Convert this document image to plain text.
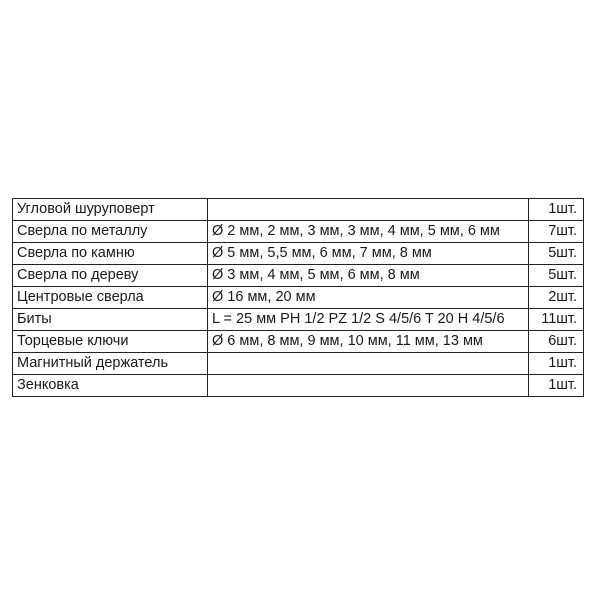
Угловой шуруповерт		1шт.
Сверла по металлу	Ø 2 мм, 2 мм, 3 мм, 3 мм, 4 мм, 5 мм, 6 мм	7шт.
Сверла по камню	Ø 5 мм, 5,5 мм, 6 мм, 7 мм, 8 мм	5шт.
Сверла по дереву	Ø 3 мм, 4 мм, 5 мм, 6 мм, 8 мм	5шт.
Центровые сверла	Ø 16 мм, 20 мм	2шт.
Биты	L = 25 мм PH 1/2 PZ 1/2 S 4/5/6 T 20 H 4/5/6	11шт.
Торцевые ключи	Ø 6 мм, 8 мм, 9 мм, 10 мм, 11 мм, 13 мм	6шт.
Магнитный держатель		1шт.
Зенковка		1шт.
